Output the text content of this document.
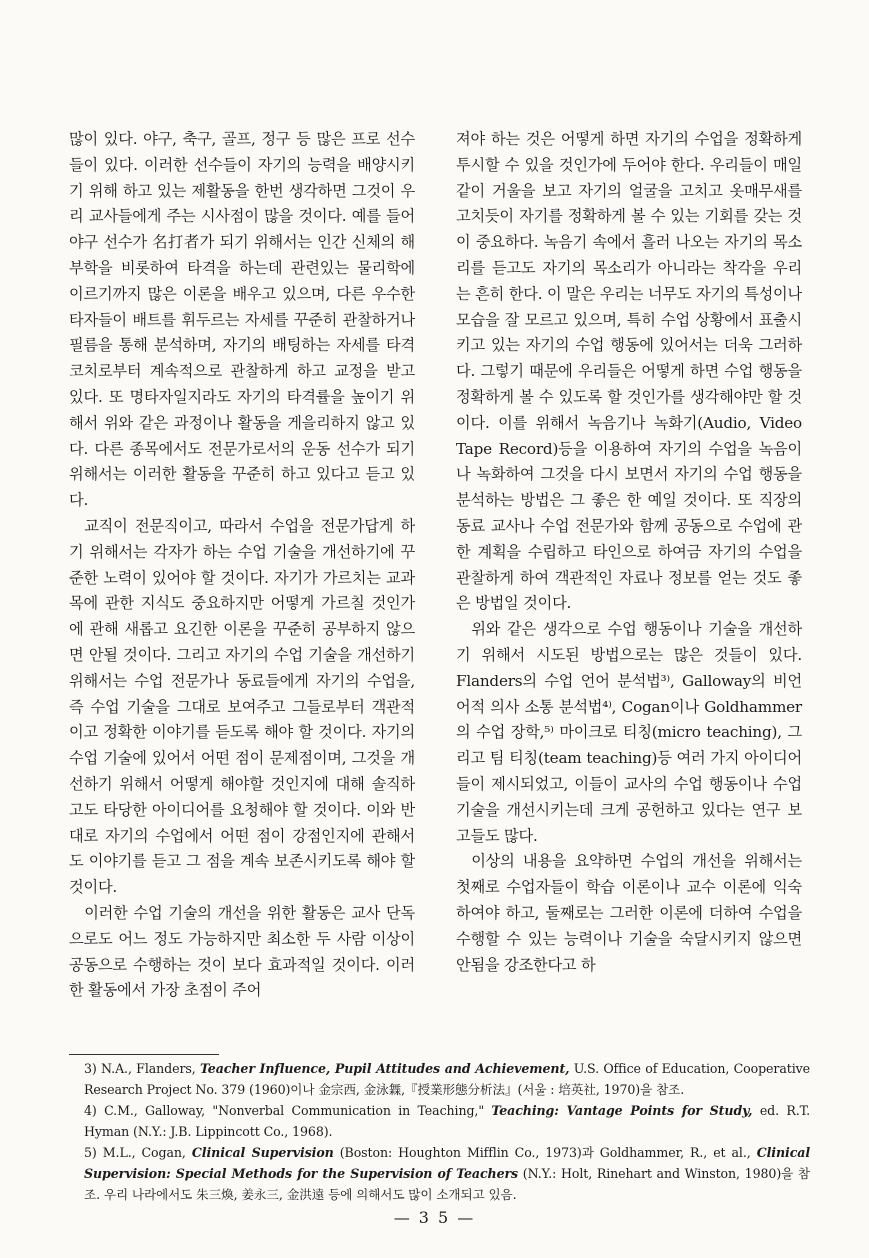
많이 있다. 야구, 축구, 골프, 정구 등 많은 프로 선수들이 있다. 이러한 선수들이 자기의 능력을 배양시키기 위해 하고 있는 제활동을 한번 생각하면 그것이 우리 교사들에게 주는 시사점이 많을 것이다. 예를 들어 야구 선수가 名打者가 되기 위해서는 인간 신체의 해부학을 비롯하여 타격을 하는데 관련있는 물리학에 이르기까지 많은 이론을 배우고 있으며, 다른 우수한 타자들이 배트를 휘두르는 자세를 꾸준히 관찰하거나 필름을 통해 분석하며, 자기의 배팅하는 자세를 타격 코치로부터 계속적으로 관찰하게 하고 교정을 받고 있다. 또 명타자일지라도 자기의 타격률을 높이기 위해서 위와 같은 과정이나 활동을 게을리하지 않고 있다. 다른 종목에서도 전문가로서의 운동 선수가 되기 위해서는 이러한 활동을 꾸준히 하고 있다고 듣고 있다.

교직이 전문직이고, 따라서 수업을 전문가답게 하기 위해서는 각자가 하는 수업 기술을 개선하기에 꾸준한 노력이 있어야 할 것이다. 자기가 가르치는 교과목에 관한 지식도 중요하지만 어떻게 가르칠 것인가에 관해 새롭고 요긴한 이론을 꾸준히 공부하지 않으면 안될 것이다. 그리고 자기의 수업 기술을 개선하기 위해서는 수업 전문가나 동료들에게 자기의 수업을, 즉 수업 기술을 그대로 보여주고 그들로부터 객관적이고 정확한 이야기를 듣도록 해야 할 것이다. 자기의 수업 기술에 있어서 어떤 점이 문제점이며, 그것을 개선하기 위해서 어떻게 해야할 것인지에 대해 솔직하고도 타당한 아이디어를 요청해야 할 것이다. 이와 반대로 자기의 수업에서 어떤 점이 강점인지에 관해서도 이야기를 듣고 그 점을 계속 보존시키도록 해야 할 것이다.

이러한 수업 기술의 개선을 위한 활동은 교사 단독으로도 어느 정도 가능하지만 최소한 두 사람 이상이 공동으로 수행하는 것이 보다 효과적일 것이다. 이러한 활동에서 가장 초점이 주어

져야 하는 것은 어떻게 하면 자기의 수업을 정확하게 투시할 수 있을 것인가에 두어야 한다. 우리들이 매일 같이 거울을 보고 자기의 얼굴을 고치고 옷매무새를 고치듯이 자기를 정확하게 볼 수 있는 기회를 갖는 것이 중요하다. 녹음기 속에서 흘러 나오는 자기의 목소리를 듣고도 자기의 목소리가 아니라는 착각을 우리는 흔히 한다. 이 말은 우리는 너무도 자기의 특성이나 모습을 잘 모르고 있으며, 특히 수업 상황에서 표출시키고 있는 자기의 수업 행동에 있어서는 더욱 그러하다. 그렇기 때문에 우리들은 어떻게 하면 수업 행동을 정확하게 볼 수 있도록 할 것인가를 생각해야만 할 것이다. 이를 위해서 녹음기나 녹화기(Audio, Video Tape Record)등을 이용하여 자기의 수업을 녹음이나 녹화하여 그것을 다시 보면서 자기의 수업 행동을 분석하는 방법은 그 좋은 한 예일 것이다. 또 직장의 동료 교사나 수업 전문가와 함께 공동으로 수업에 관한 계획을 수립하고 타인으로 하여금 자기의 수업을 관찰하게 하여 객관적인 자료나 정보를 얻는 것도 좋은 방법일 것이다.

위와 같은 생각으로 수업 행동이나 기술을 개선하기 위해서 시도된 방법으로는 많은 것들이 있다. Flanders의 수업 언어 분석법³⁾, Galloway의 비언어적 의사 소통 분석법⁴⁾, Cogan이나 Goldhammer의 수업 장학,⁵⁾ 마이크로 티칭(micro teaching), 그리고 팀 티칭(team teaching)등 여러 가지 아이디어들이 제시되었고, 이들이 교사의 수업 행동이나 수업 기술을 개선시키는데 크게 공헌하고 있다는 연구 보고들도 많다.

이상의 내용을 요약하면 수업의 개선을 위해서는 첫째로 수업자들이 학습 이론이나 교수 이론에 익숙하여야 하고, 둘째로는 그러한 이론에 더하여 수업을 수행할 수 있는 능력이나 기술을 숙달시키지 않으면 안됨을 강조한다고 하

3) N.A., Flanders, Teacher Influence, Pupil Attitudes and Achievement, U.S. Office of Education, Cooperative Research Project No. 379 (1960)이나 金宗西, 金泳橆,『授業形態分析法』(서울 : 培英社, 1970)을 참조.

4) C.M., Galloway, "Nonverbal Communication in Teaching," Teaching: Vantage Points for Study, ed. R.T. Hyman (N.Y.: J.B. Lippincott Co., 1968).

5) M.L., Cogan, Clinical Supervision (Boston: Houghton Mifflin Co., 1973)과 Goldhammer, R., et al., Clinical Supervision: Special Methods for the Supervision of Teachers (N.Y.: Holt, Rinehart and Winston, 1980)을 참조. 우리 나라에서도 朱三煥, 姜永三, 金洪遠 등에 의해서도 많이 소개되고 있음.

— 3 5 —
